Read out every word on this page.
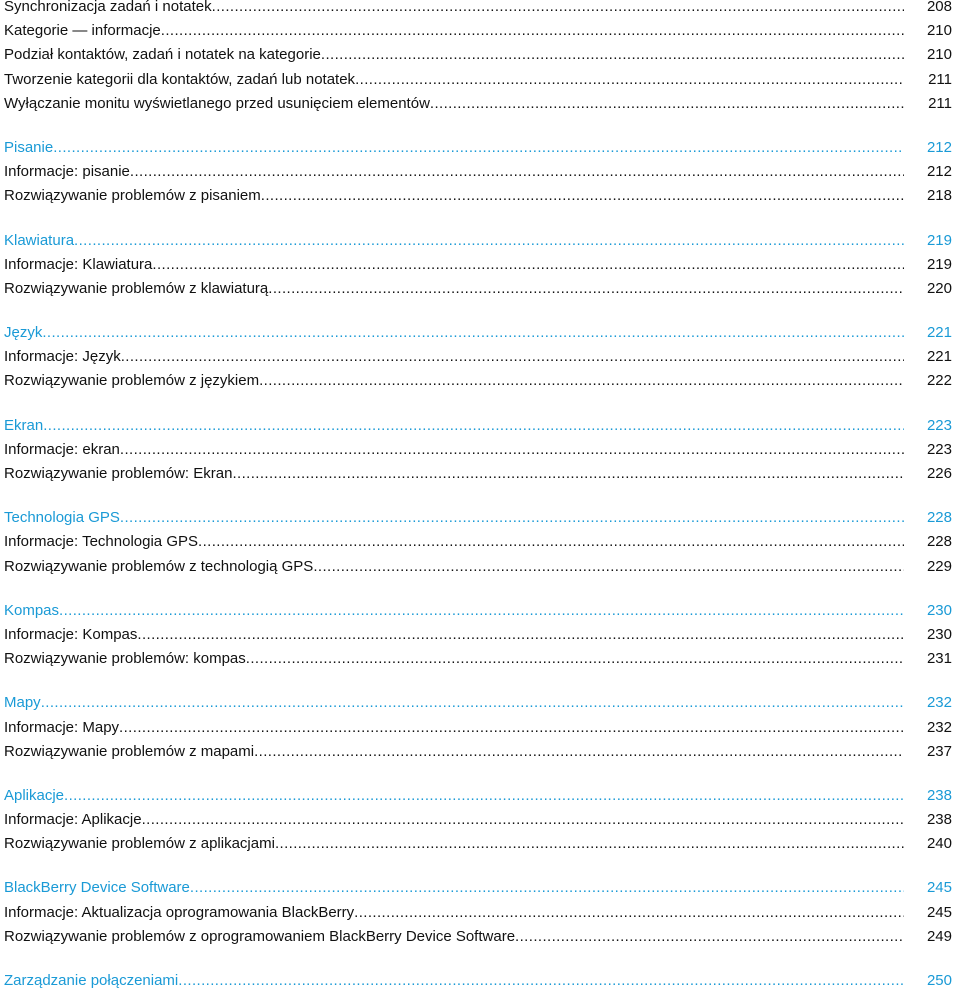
Synchronizacja zadań i notatek .....	208
Kategorie — informacje .....	210
Podział kontaktów, zadań i notatek na kategorie .....	210
Tworzenie kategorii dla kontaktów, zadań lub notatek .....	211
Wyłączanie monitu wyświetlanego przed usunięciem elementów .....	211
Pisanie .....	212
Informacje: pisanie .....	212
Rozwiązywanie problemów z pisaniem .....	218
Klawiatura .....	219
Informacje: Klawiatura .....	219
Rozwiązywanie problemów z klawiaturą .....	220
Język .....	221
Informacje: Język .....	221
Rozwiązywanie problemów z językiem .....	222
Ekran .....	223
Informacje: ekran .....	223
Rozwiązywanie problemów: Ekran .....	226
Technologia GPS .....	228
Informacje: Technologia GPS .....	228
Rozwiązywanie problemów z technologią GPS .....	229
Kompas .....	230
Informacje: Kompas .....	230
Rozwiązywanie problemów: kompas .....	231
Mapy .....	232
Informacje: Mapy .....	232
Rozwiązywanie problemów z mapami .....	237
Aplikacje .....	238
Informacje: Aplikacje .....	238
Rozwiązywanie problemów z aplikacjami .....	240
BlackBerry Device Software .....	245
Informacje: Aktualizacja oprogramowania BlackBerry .....	245
Rozwiązywanie problemów z oprogramowaniem BlackBerry Device Software .....	249
Zarządzanie połączeniami .....	250
